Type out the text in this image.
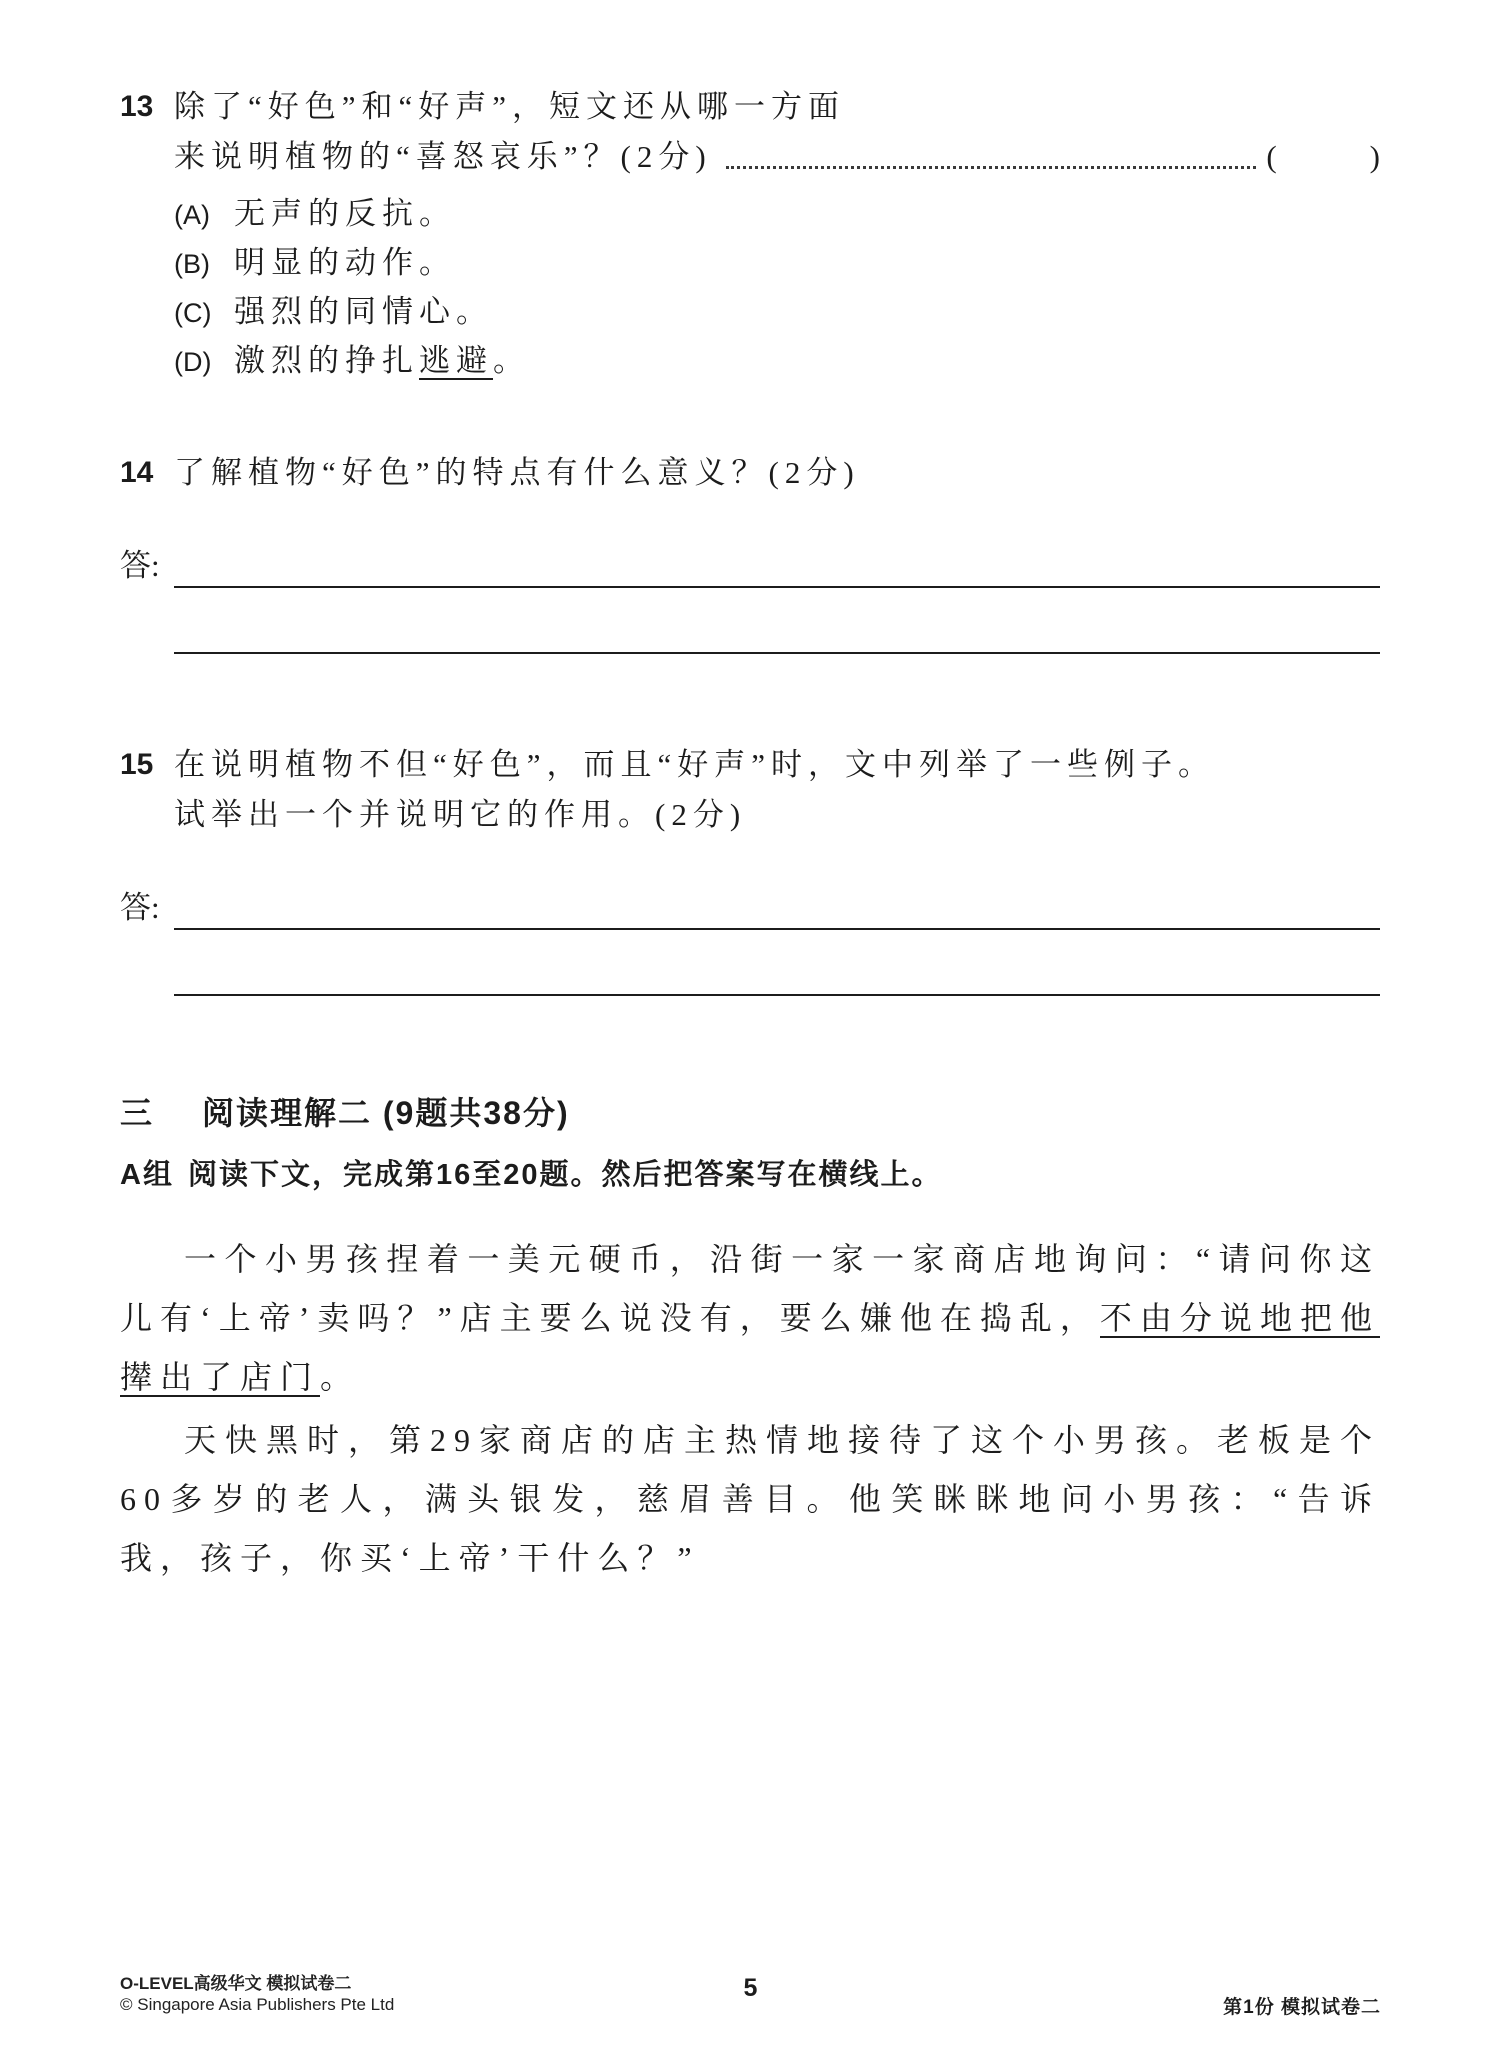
13 除了“好色”和“好声”，短文还从哪一方面
来说明植物的“喜怒哀乐”？(2分)	(　　　)
(A) 无声的反抗。
(B) 明显的动作。
(C) 强烈的同情心。
(D) 激烈的挣扎逃避。
14 了解植物“好色”的特点有什么意义？(2分)
答:
15 在说明植物不但“好色”，而且“好声”时，文中列举了一些例子。
试举出一个并说明它的作用。(2分)
答:
三 阅读理解二 (9题共38分)
A组 阅读下文，完成第16至20题。然后把答案写在横线上。

一个小男孩捏着一美元硬币，沿街一家一家商店地询问：“请问你这儿有‘上帝’卖吗？”店主要么说没有，要么嫌他在捣乱，不由分说地把他撵出了店门。

天快黑时，第29家商店的店主热情地接待了这个小男孩。老板是个60多岁的老人，满头银发，慈眉善目。他笑眯眯地问小男孩：“告诉我，孩子，你买‘上帝’干什么？”

O-LEVEL高级华文 模拟试卷二
© Singapore Asia Publishers Pte Ltd
5
第1份 模拟试卷二
